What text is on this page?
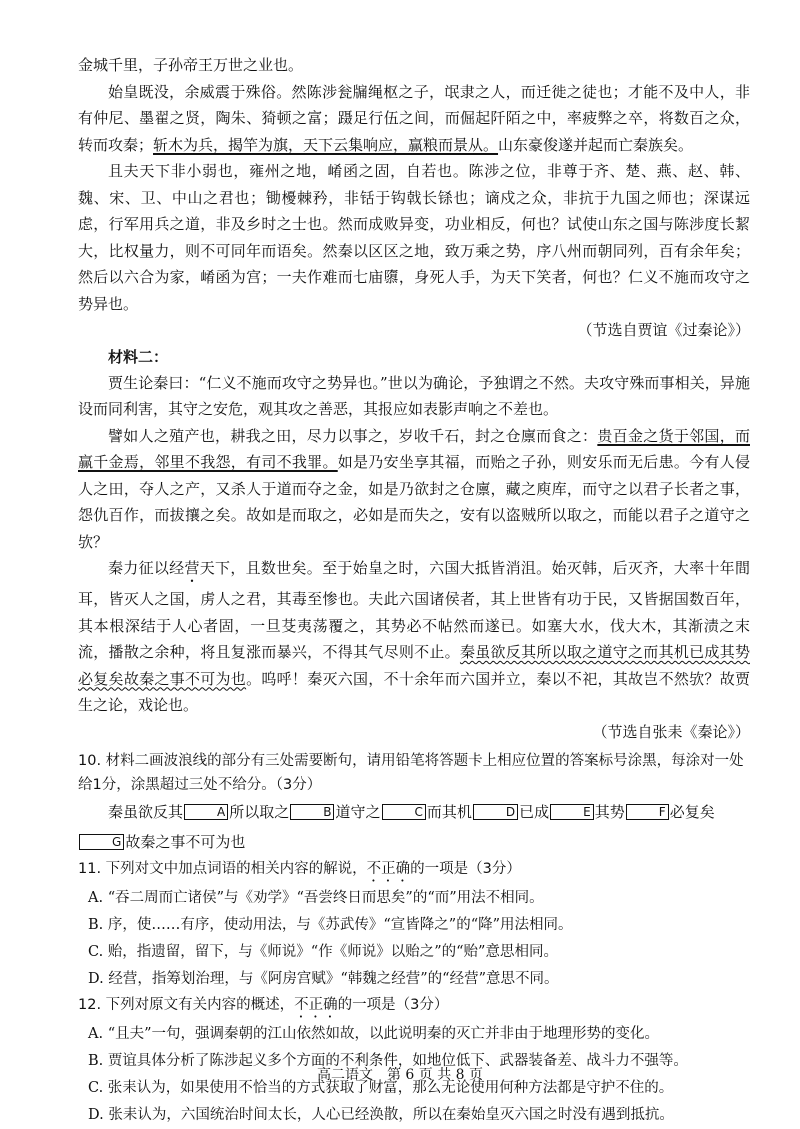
金城千里，子孙帝王万世之业也。

始皇既没，余威震于殊俗。然陈涉瓮牖绳枢之子，氓隶之人，而迁徙之徒也；才能不及中人，非有仲尼、墨翟之贤，陶朱、猗顿之富；蹑足行伍之间，而倔起阡陌之中，率疲弊之卒，将数百之众，转而攻秦；斩木为兵，揭竿为旗，天下云集响应，赢粮而景从。山东豪俊遂并起而亡秦族矣。

且夫天下非小弱也，雍州之地，崤函之固，自若也。陈涉之位，非尊于齐、楚、燕、赵、韩、魏、宋、卫、中山之君也；锄櫌棘矜，非铦于钩戟长铩也；谪戍之众，非抗于九国之师也；深谋远虑，行军用兵之道，非及乡时之士也。然而成败异变，功业相反，何也？试使山东之国与陈涉度长絜大，比权量力，则不可同年而语矣。然秦以区区之地，致万乘之势，序八州而朝同列，百有余年矣；然后以六合为家，崤函为宫；一夫作难而七庙隳，身死人手，为天下笑者，何也？仁义不施而攻守之势异也。

（节选自贾谊《过秦论》）

材料二：

贾生论秦曰：“仁义不施而攻守之势异也。”世以为确论，予独谓之不然。夫攻守殊而事相关，异施设而同利害，其守之安危，观其攻之善恶，其报应如表影声响之不差也。

譬如人之殖产也，耕我之田，尽力以事之，岁收千石，封之仓廪而食之：贵百金之货于邻国，而赢千金焉，邻里不我怨，有司不我罪。如是乃安坐享其福，而贻之子孙，则安乐而无后患。今有人侵人之田，夺人之产，又杀人于道而夺之金，如是乃欲封之仓廪，藏之庾库，而守之以君子长者之事，怨仇百作，而拔攘之矣。故如是而取之，必如是而失之，安有以盗贼所以取之，而能以君子之道守之欤？

秦力征以经营天下，且数世矣。至于始皇之时，六国大抵皆消沮。始灭韩，后灭齐，大率十年間耳，皆灭人之国，虏人之君，其毒至惨也。夫此六国诸侯者，其上世皆有功于民，又皆据国数百年，其本根深结于人心者固，一旦芟夷荡覆之，其势必不帖然而遂已。如塞大水，伐大木，其渐渍之末流，播散之余种，将且复涨而暴兴，不得其气尽则不止。秦虽欲反其所以取之道守之而其机已成其势必复矣故秦之事不可为也。呜呼！秦灭六国，不十余年而六国并立，秦以不祀，其故岂不然欤？故贾生之论，戏论也。

（节选自张耒《秦论》）

10. 材料二画波浪线的部分有三处需要断句，请用铅笔将答题卡上相应位置的答案标号涂黑，每涂对一处给1分，涂黑超过三处不给分。（3分）

秦虽欲反其	A 所以取之	B 道守之	C 而其机	D 已成	E 其势	F 必复矣G 故秦之事不可为也

11. 下列对文中加点词语的相关内容的解说，不正确的一项是（3分）

A. “吞二周而亡诸侯”与《劝学》“吾尝终日而思矣”的“而”用法不相同。

B. 序，使……有序，使动用法，与《苏武传》“宣皆降之”的“降”用法相同。

C. 贻，指遗留，留下，与《师说》“作《师说》以贻之”的“贻”意思相同。

D. 经营，指筹划治理，与《阿房宫赋》“韩魏之经营”的“经营”意思不同。

12. 下列对原文有关内容的概述，不正确的一项是（3分）

A. “且夫”一句，强调秦朝的江山依然如故，以此说明秦的灭亡并非由于地理形势的变化。

B. 贾谊具体分析了陈涉起义多个方面的不利条件，如地位低下、武器装备差、战斗力不强等。

C. 张耒认为，如果使用不恰当的方式获取了财富，那么无论使用何种方法都是守护不住的。

D. 张耒认为，六国统治时间太长，人心已经涣散，所以在秦始皇灭六国之时没有遇到抵抗。

高二语文　第 6 页 共 8 页
